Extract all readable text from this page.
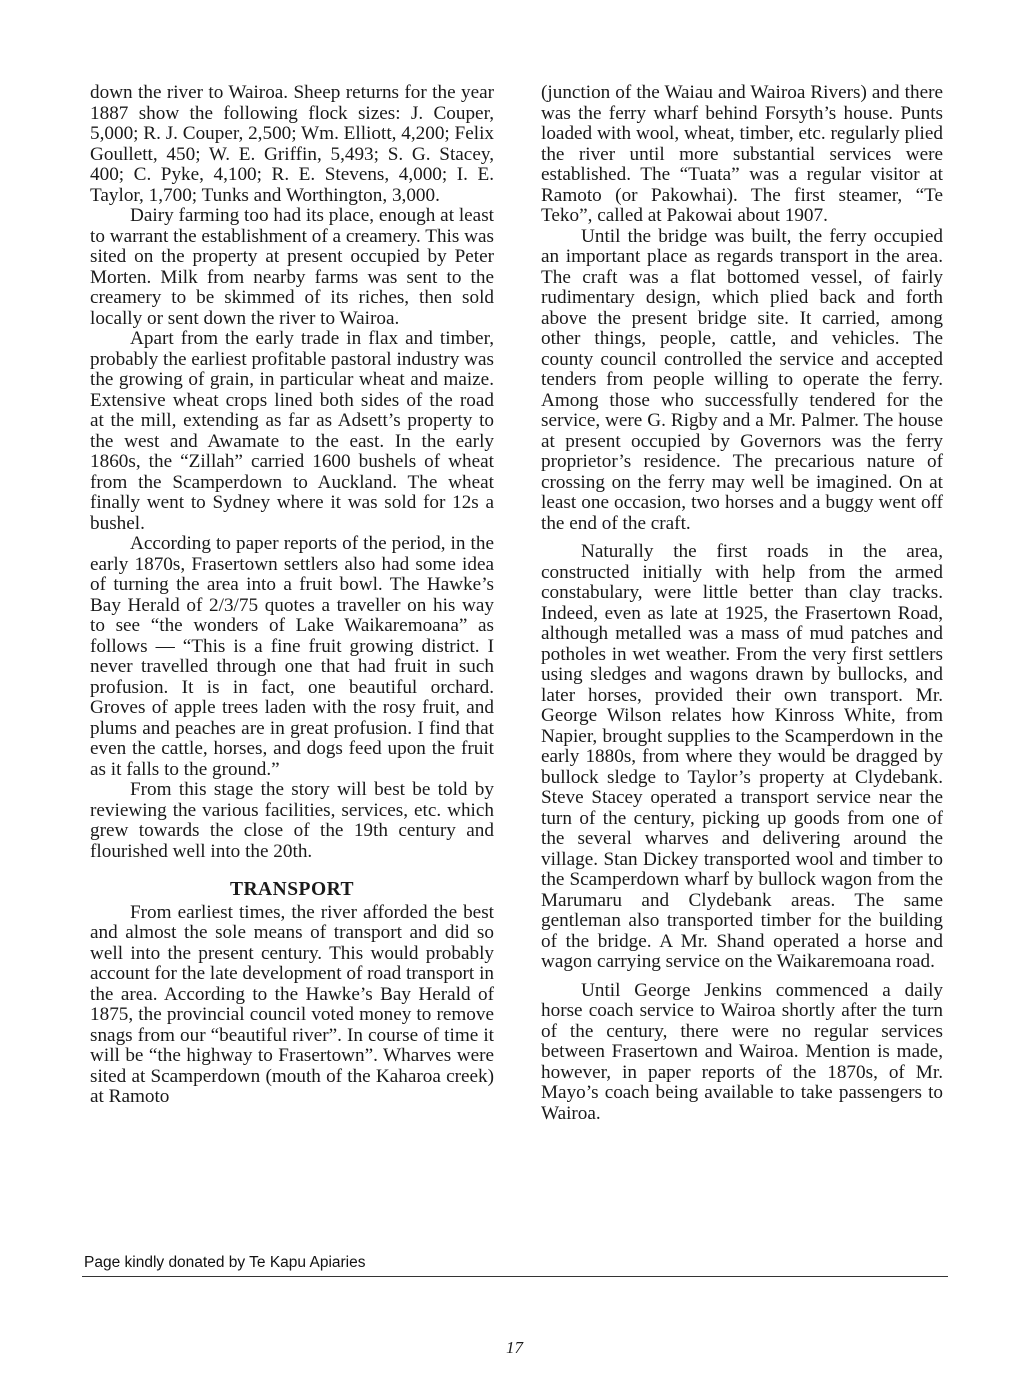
down the river to Wairoa. Sheep returns for the year 1887 show the following flock sizes: J. Couper, 5,000; R. J. Couper, 2,500; Wm. Elliott, 4,200; Felix Goullett, 450; W. E. Griffin, 5,493; S. G. Stacey, 400; C. Pyke, 4,100; R. E. Stevens, 4,000; I. E. Taylor, 1,700; Tunks and Worthington, 3,000.

Dairy farming too had its place, enough at least to warrant the establishment of a creamery. This was sited on the property at present occupied by Peter Morten. Milk from nearby farms was sent to the creamery to be skimmed of its riches, then sold locally or sent down the river to Wairoa.

Apart from the early trade in flax and timber, probably the earliest profitable pastoral industry was the growing of grain, in particular wheat and maize. Extensive wheat crops lined both sides of the road at the mill, extending as far as Adsett’s property to the west and Awamate to the east. In the early 1860s, the “Zillah” carried 1600 bushels of wheat from the Scamperdown to Auckland. The wheat finally went to Sydney where it was sold for 12s a bushel.

According to paper reports of the period, in the early 1870s, Frasertown settlers also had some idea of turning the area into a fruit bowl. The Hawke’s Bay Herald of 2/3/75 quotes a traveller on his way to see “the wonders of Lake Waikaremoana” as follows — “This is a fine fruit growing district. I never travelled through one that had fruit in such profusion. It is in fact, one beautiful orchard. Groves of apple trees laden with the rosy fruit, and plums and peaches are in great profusion. I find that even the cattle, horses, and dogs feed upon the fruit as it falls to the ground.”

From this stage the story will best be told by reviewing the various facilities, services, etc. which grew towards the close of the 19th century and flourished well into the 20th.

TRANSPORT

From earliest times, the river afforded the best and almost the sole means of transport and did so well into the present century. This would probably account for the late development of road transport in the area. According to the Hawke’s Bay Herald of 1875, the provincial council voted money to remove snags from our “beautiful river”. In course of time it will be “the highway to Frasertown”. Wharves were sited at Scamperdown (mouth of the Kaharoa creek) at Ramoto

(junction of the Waiau and Wairoa Rivers) and there was the ferry wharf behind Forsyth’s house. Punts loaded with wool, wheat, timber, etc. regularly plied the river until more substantial services were established. The “Tuata” was a regular visitor at Ramoto (or Pakowhai). The first steamer, “Te Teko”, called at Pakowai about 1907.

Until the bridge was built, the ferry occupied an important place as regards transport in the area. The craft was a flat bottomed vessel, of fairly rudimentary design, which plied back and forth above the present bridge site. It carried, among other things, people, cattle, and vehicles. The county council controlled the service and accepted tenders from people willing to operate the ferry. Among those who successfully tendered for the service, were G. Rigby and a Mr. Palmer. The house at present occupied by Governors was the ferry proprietor’s residence. The precarious nature of crossing on the ferry may well be imagined. On at least one occasion, two horses and a buggy went off the end of the craft.

Naturally the first roads in the area, constructed initially with help from the armed constabulary, were little better than clay tracks. Indeed, even as late at 1925, the Frasertown Road, although metalled was a mass of mud patches and potholes in wet weather. From the very first settlers using sledges and wagons drawn by bullocks, and later horses, provided their own transport. Mr. George Wilson relates how Kinross White, from Napier, brought supplies to the Scamperdown in the early 1880s, from where they would be dragged by bullock sledge to Taylor’s property at Clydebank. Steve Stacey operated a transport service near the turn of the century, picking up goods from one of the several wharves and delivering around the village. Stan Dickey transported wool and timber to the Scamperdown wharf by bullock wagon from the Marumaru and Clydebank areas. The same gentleman also transported timber for the building of the bridge. A Mr. Shand operated a horse and wagon carrying service on the Waikaremoana road.

Until George Jenkins commenced a daily horse coach service to Wairoa shortly after the turn of the century, there were no regular services between Frasertown and Wairoa. Mention is made, however, in paper reports of the 1870s, of Mr. Mayo’s coach being available to take passengers to Wairoa.

Page kindly donated by Te Kapu Apiaries
17
